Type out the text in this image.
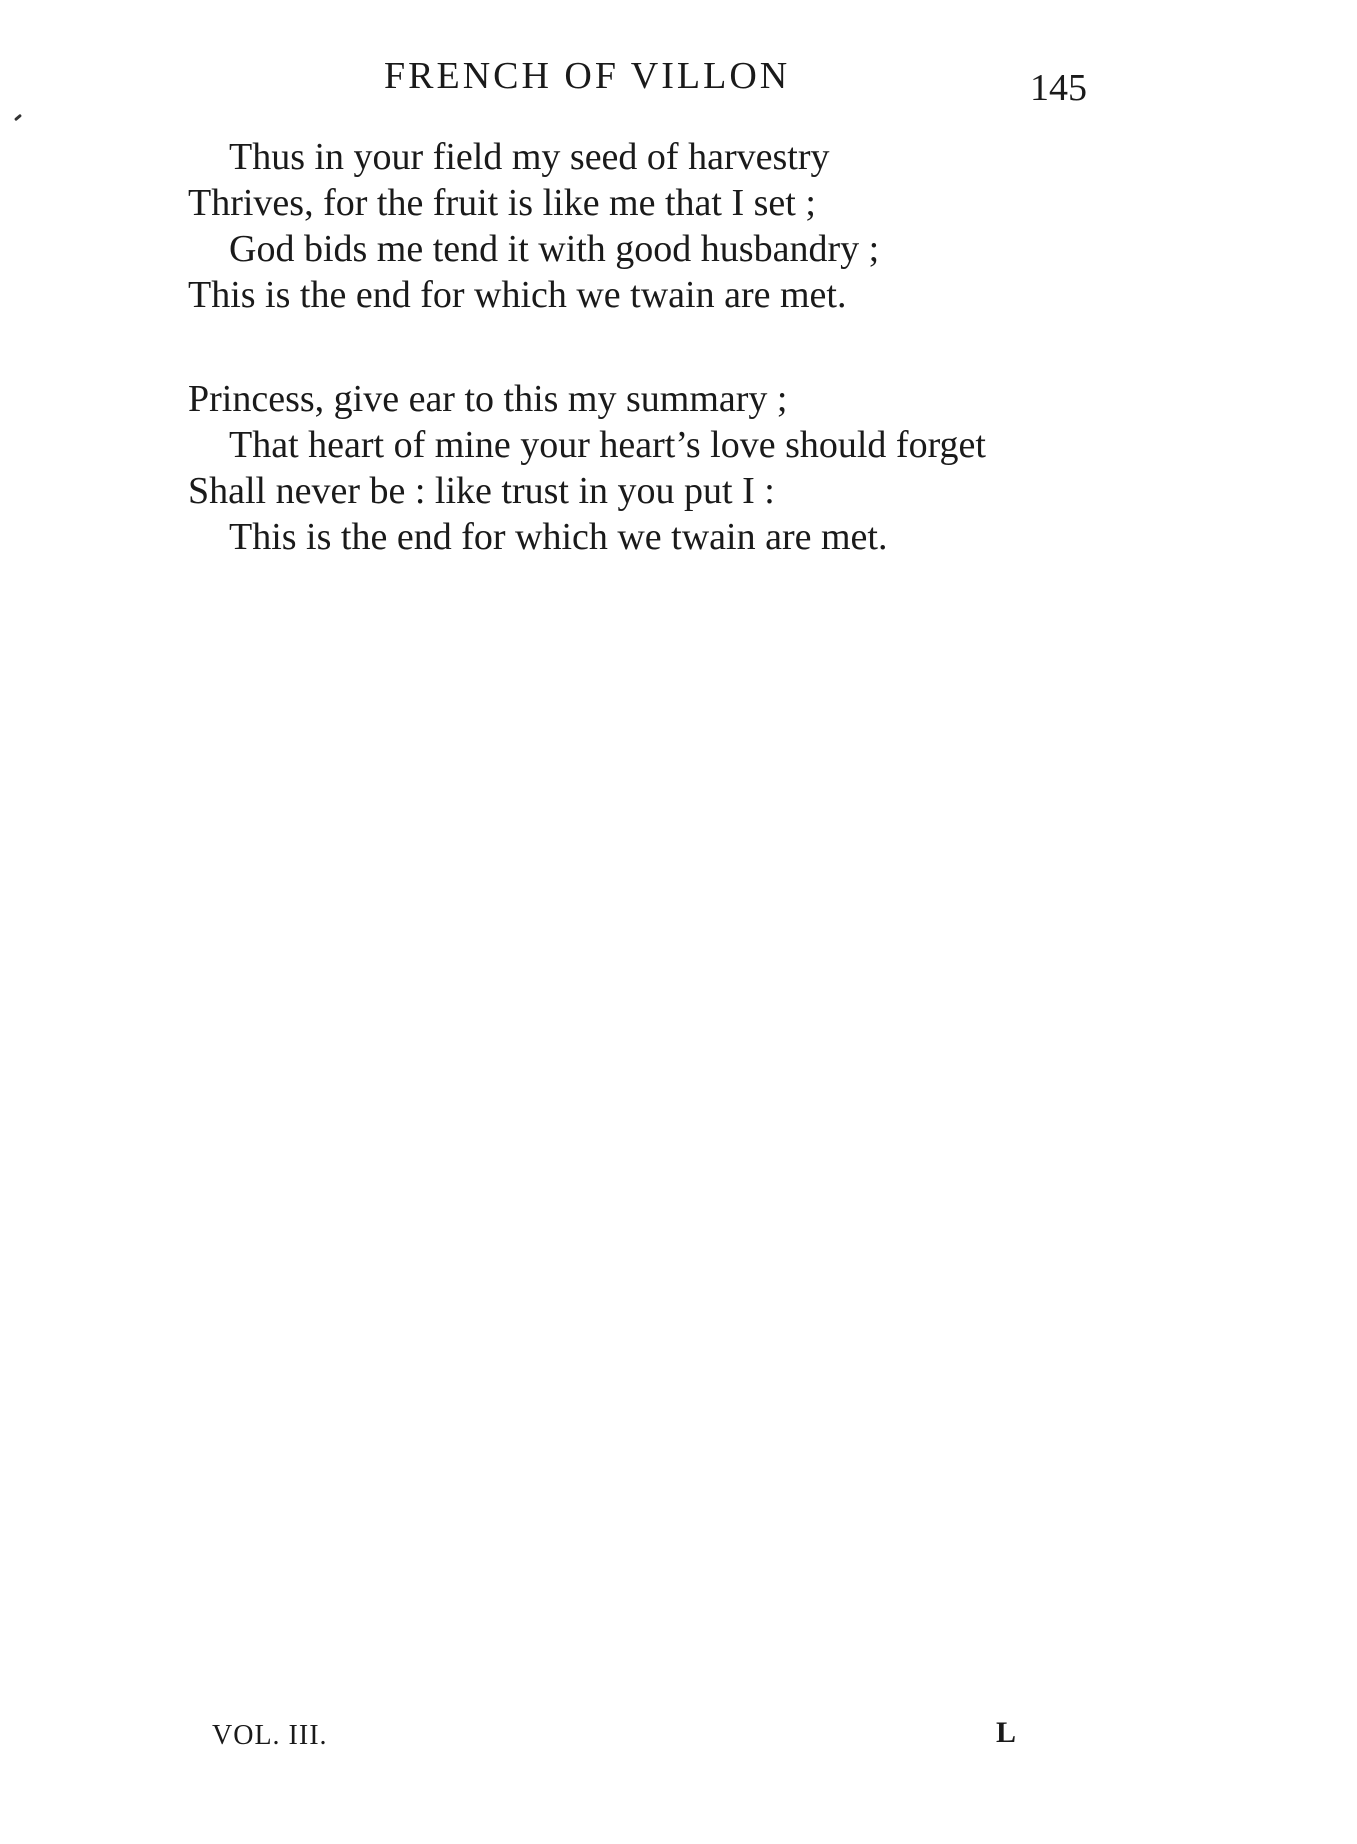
FRENCH OF VILLON	145
Thus in your field my seed of harvestry
Thrives, for the fruit is like me that I set ;
God bids me tend it with good husbandry ;
This is the end for which we twain are met.
Princess, give ear to this my summary ;
That heart of mine your heart’s love should forget
Shall never be : like trust in you put I :
This is the end for which we twain are met.
VOL. III.	L
